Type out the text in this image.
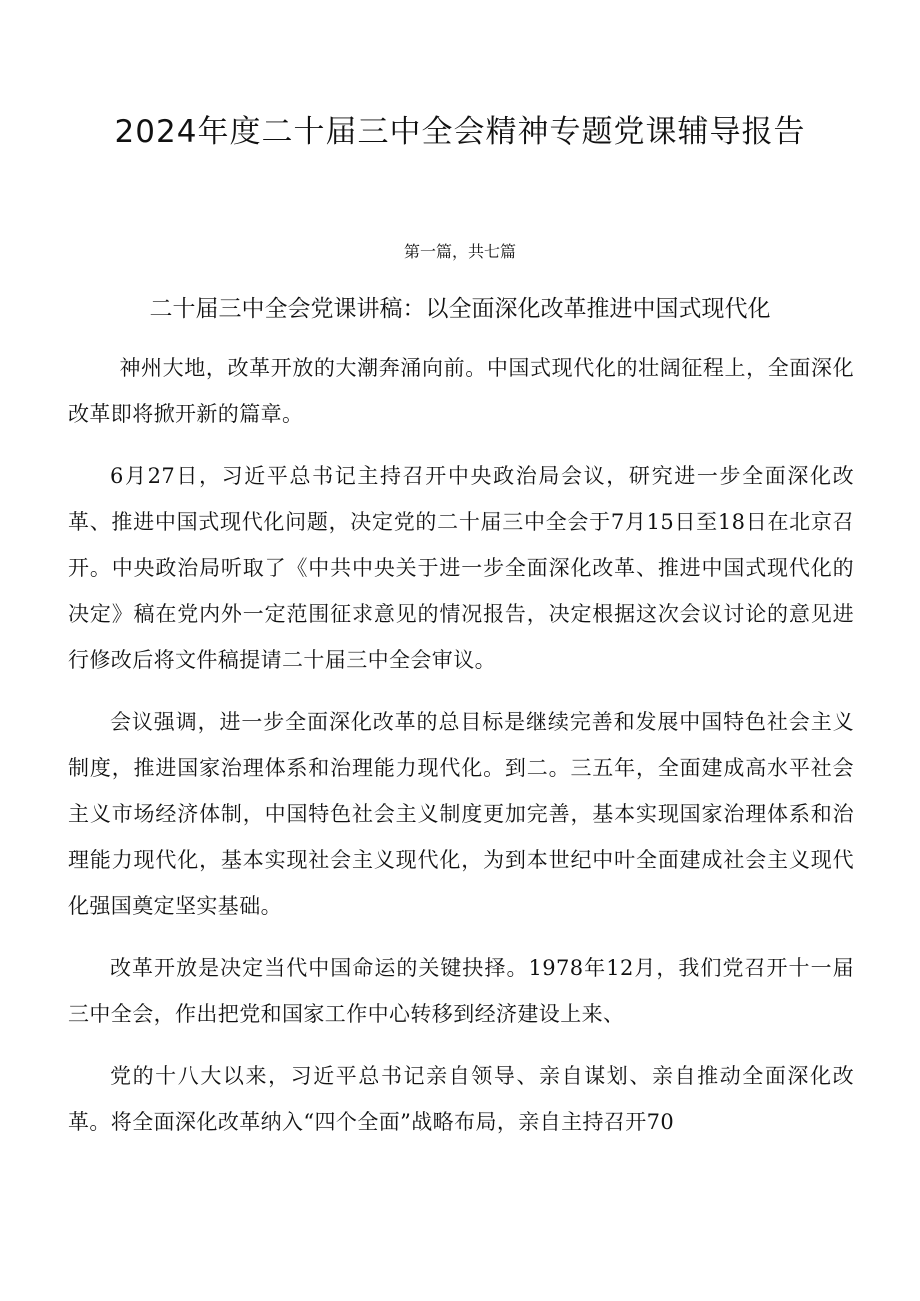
2024年度二十届三中全会精神专题党课辅导报告
第一篇，共七篇
二十届三中全会党课讲稿：以全面深化改革推进中国式现代化

神州大地，改革开放的大潮奔涌向前。中国式现代化的壮阔征程上，全面深化改革即将掀开新的篇章。

6月27日，习近平总书记主持召开中央政治局会议，研究进一步全面深化改革、推进中国式现代化问题，决定党的二十届三中全会于7月15日至18日在北京召开。中央政治局听取了《中共中央关于进一步全面深化改革、推进中国式现代化的决定》稿在党内外一定范围征求意见的情况报告，决定根据这次会议讨论的意见进行修改后将文件稿提请二十届三中全会审议。

会议强调，进一步全面深化改革的总目标是继续完善和发展中国特色社会主义制度，推进国家治理体系和治理能力现代化。到二。三五年，全面建成高水平社会主义市场经济体制，中国特色社会主义制度更加完善，基本实现国家治理体系和治理能力现代化，基本实现社会主义现代化，为到本世纪中叶全面建成社会主义现代化强国奠定坚实基础。

改革开放是决定当代中国命运的关键抉择。1978年12月，我们党召开十一届三中全会，作出把党和国家工作中心转移到经济建设上来、

党的十八大以来，习近平总书记亲自领导、亲自谋划、亲自推动全面深化改革。将全面深化改革纳入“四个全面”战略布局，亲自主持召开70
